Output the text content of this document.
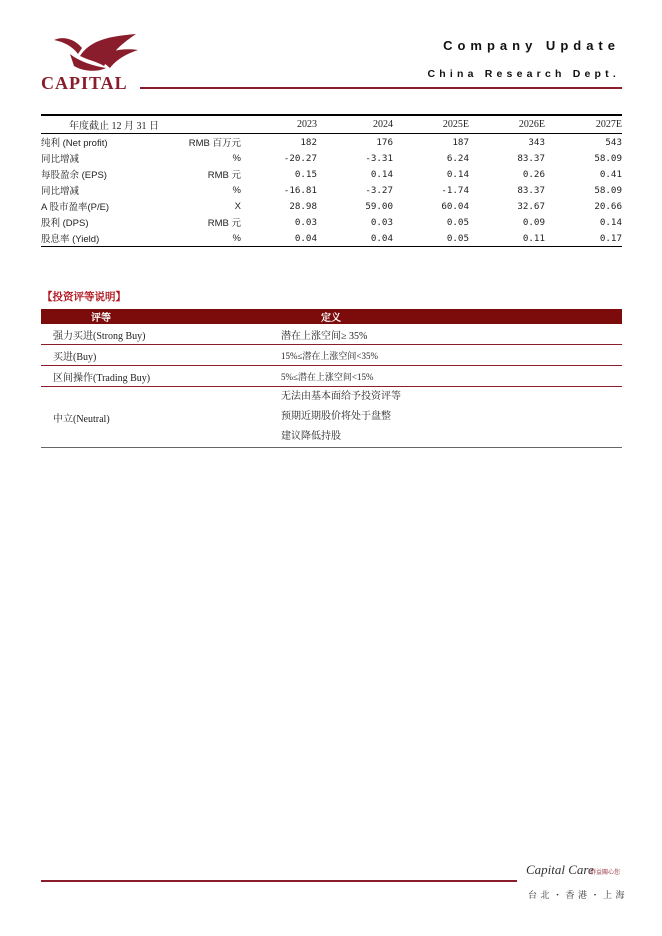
CAPITAL
Company Update
China Research Dept.
年度截止 12 月 31 日		2023	2024	2025E	2026E	2027E
纯利 (Net profit)	RMB 百万元	182	176	187	343	543
同比增减	%	-20.27	-3.31	6.24	83.37	58.09
每股盈余 (EPS)	RMB 元	0.15	0.14	0.14	0.26	0.41
同比增减	%	-16.81	-3.27	-1.74	83.37	58.09
A 股市盈率(P/E)	X	28.98	59.00	60.04	32.67	20.66
股利 (DPS)	RMB 元	0.03	0.03	0.05	0.09	0.14
股息率 (Yield)	%	0.04	0.04	0.05	0.11	0.17
【投资评等说明】
评等	定义
强力买进(Strong Buy)	潜在上涨空间≥ 35%
买进(Buy)	15%≤潜在上涨空间<35%
区间操作(Trading Buy)	5%≤潜在上涨空间<15%
中立(Neutral)	无法由基本面给予投资评等
预期近期股价将处于盘整
建议降低持股
Capital Care
群益關心您
台北・香港・上海
